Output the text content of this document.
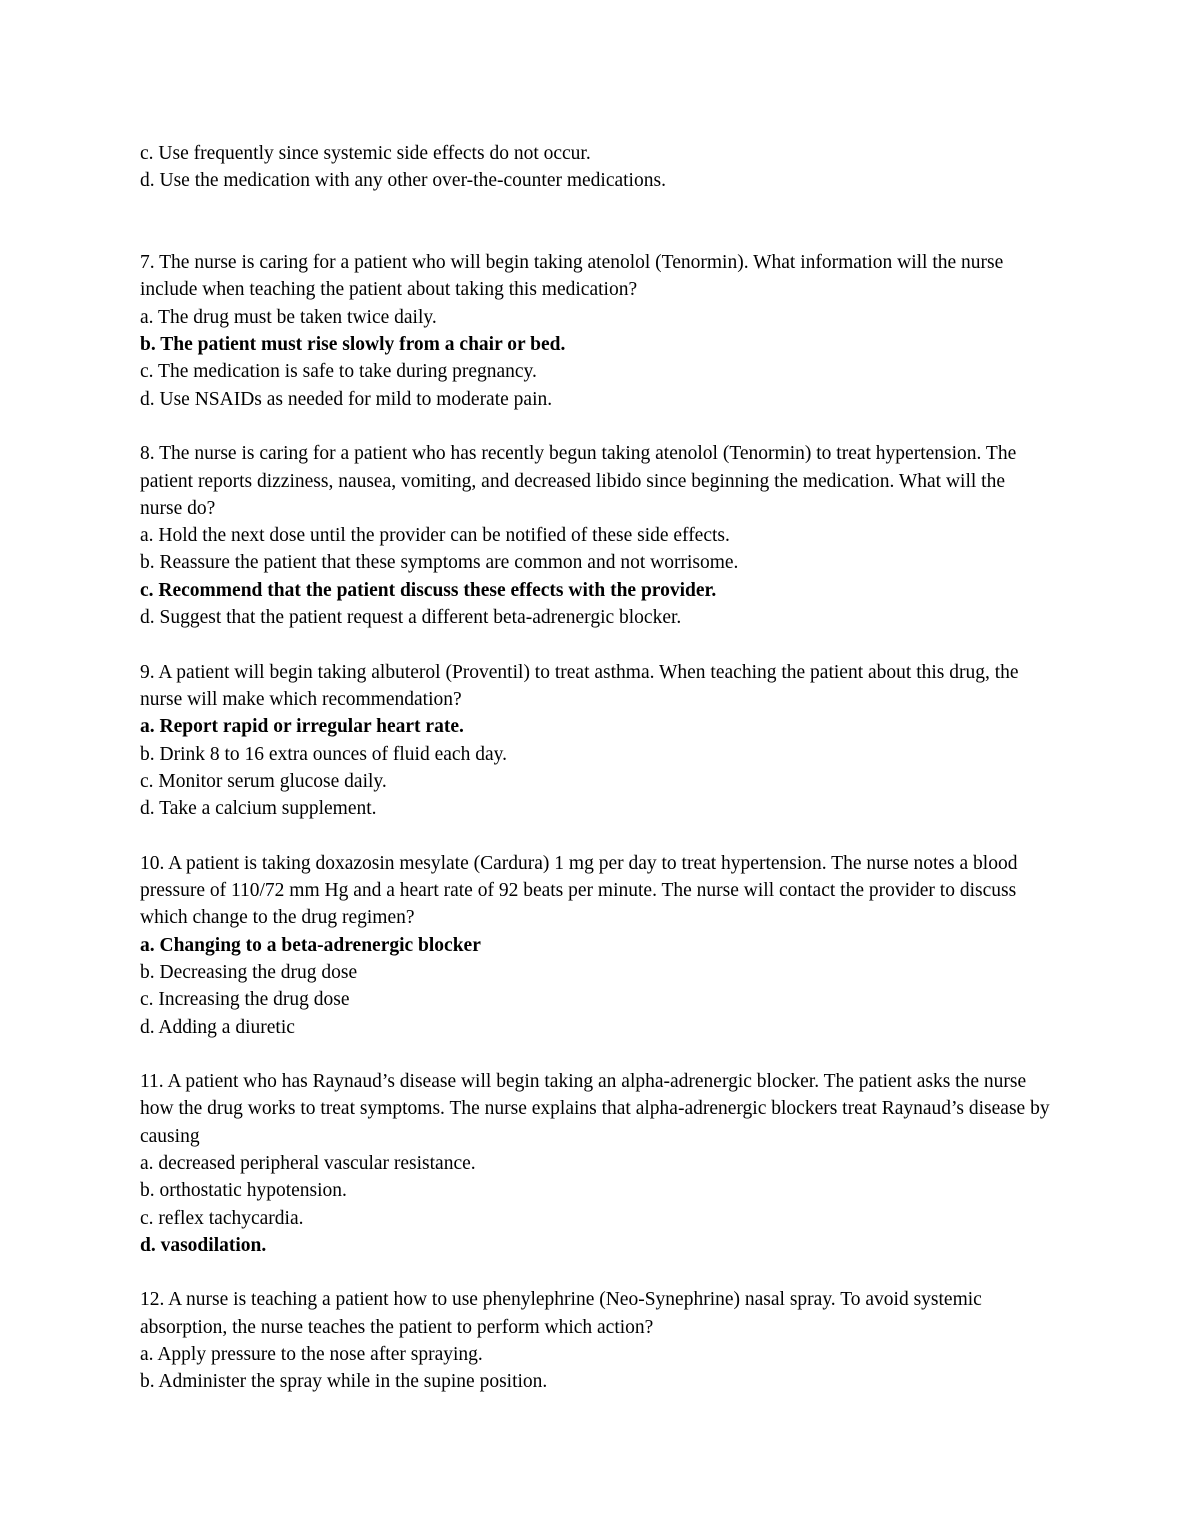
c. Use frequently since systemic side effects do not occur.
d. Use the medication with any other over-the-counter medications.
7. The nurse is caring for a patient who will begin taking atenolol (Tenormin). What information will the nurse include when teaching the patient about taking this medication?
a. The drug must be taken twice daily.
b. The patient must rise slowly from a chair or bed.
c. The medication is safe to take during pregnancy.
d. Use NSAIDs as needed for mild to moderate pain.
8. The nurse is caring for a patient who has recently begun taking atenolol (Tenormin) to treat hypertension. The patient reports dizziness, nausea, vomiting, and decreased libido since beginning the medication. What will the nurse do?
a. Hold the next dose until the provider can be notified of these side effects.
b. Reassure the patient that these symptoms are common and not worrisome.
c. Recommend that the patient discuss these effects with the provider.
d. Suggest that the patient request a different beta-adrenergic blocker.
9. A patient will begin taking albuterol (Proventil) to treat asthma. When teaching the patient about this drug, the nurse will make which recommendation?
a. Report rapid or irregular heart rate.
b. Drink 8 to 16 extra ounces of fluid each day.
c. Monitor serum glucose daily.
d. Take a calcium supplement.
10. A patient is taking doxazosin mesylate (Cardura) 1 mg per day to treat hypertension. The nurse notes a blood pressure of 110/72 mm Hg and a heart rate of 92 beats per minute. The nurse will contact the provider to discuss which change to the drug regimen?
a. Changing to a beta-adrenergic blocker
b. Decreasing the drug dose
c. Increasing the drug dose
d. Adding a diuretic
11. A patient who has Raynaud’s disease will begin taking an alpha-adrenergic blocker. The patient asks the nurse how the drug works to treat symptoms. The nurse explains that alpha-adrenergic blockers treat Raynaud’s disease by causing
a. decreased peripheral vascular resistance.
b. orthostatic hypotension.
c. reflex tachycardia.
d. vasodilation.
12. A nurse is teaching a patient how to use phenylephrine (Neo-Synephrine) nasal spray. To avoid systemic absorption, the nurse teaches the patient to perform which action?
a. Apply pressure to the nose after spraying.
b. Administer the spray while in the supine position.
